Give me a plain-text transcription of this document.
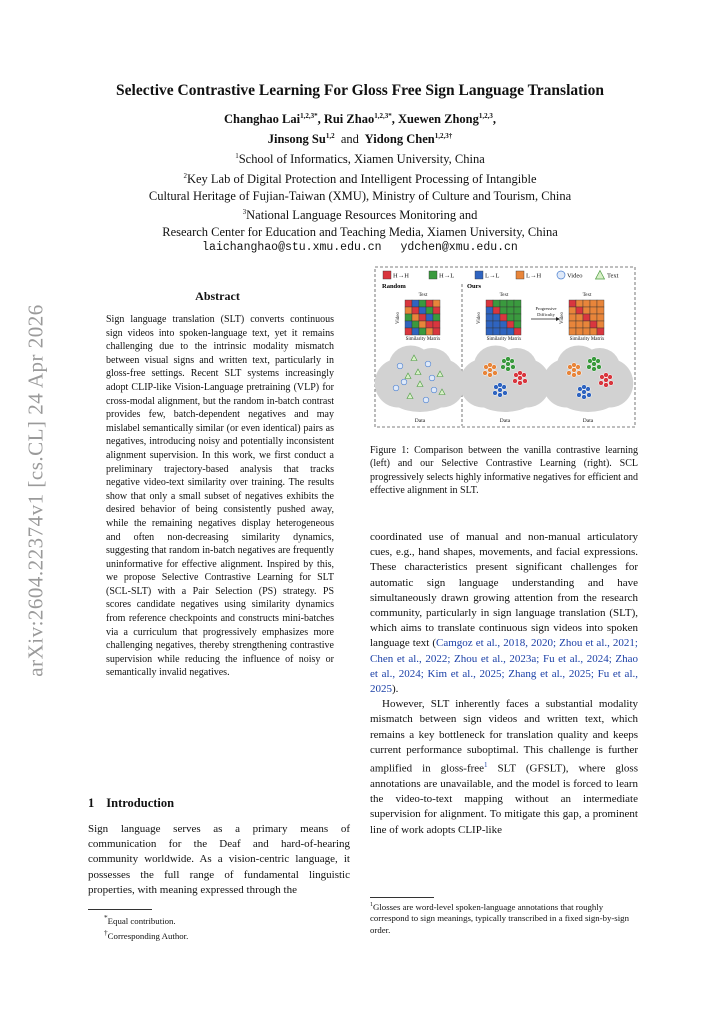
arXiv:2604.22374v1 [cs.CL] 24 Apr 2026
Selective Contrastive Learning For Gloss Free Sign Language Translation
Changhao Lai$^{1,2,3*}$, Rui Zhao$^{1,2,3*}$, Xuewen Zhong$^{1,2,3}$,
Jinsong Su$^{1,2}$ and Yidong Chen$^{1,2,3\dagger}$
$^1$School of Informatics, Xiamen University, China
$^2$Key Lab of Digital Protection and Intelligent Processing of Intangible
Cultural Heritage of Fujian-Taiwan (XMU), Ministry of Culture and Tourism, China
$^3$National Language Resources Monitoring and
Research Center for Education and Teaching Media, Xiamen University, China
laichanghao@stu.xmu.edu.cn ydchen@xmu.edu.cn
Abstract
Sign language translation (SLT) converts continuous sign videos into spoken-language text, yet it remains challenging due to the intrinsic modality mismatch between visual signs and written text, particularly in gloss-free settings. Recent SLT systems increasingly adopt CLIP-like Vision-Language pretraining (VLP) for cross-modal alignment, but the random in-batch contrast provides few, batch-dependent negatives and may mislabel semantically similar (or even identical) pairs as negatives, introducing noisy and potentially inconsistent alignment supervision. In this work, we first conduct a preliminary trajectory-based analysis that tracks negative video-text similarity over training. The results show that only a small subset of negatives exhibits the desired behavior of being consistently pushed away, while the remaining negatives display heterogeneous and often non-decreasing similarity dynamics, suggesting that random in-batch negatives are frequently uninformative for effective alignment. Inspired by this, we propose Selective Contrastive Learning for SLT (SCL-SLT) with a Pair Selection (PS) strategy. PS scores candidate negatives using similarity dynamics from reference checkpoints and constructs mini-batches via a curriculum that progressively emphasizes more challenging negatives, thereby strengthening contrastive supervision while reducing the influence of noisy or semantically invalid negatives.
1 Introduction
Sign language serves as a primary means of communication for the Deaf and hard-of-hearing community worldwide. As a vision-centric language, it possesses the full range of fundamental linguistic properties, with meaning expressed through the
*Equal contribution.
†Corresponding Author.
H→H	H→L	L→L	L→H	Video	Text
Random	Ours
Text
Video
Similarity Matrix
Text
Video
Similarity Matrix
Text
Video
Similarity Matrix
Progressive
Difficulty
Data	Data	Data
Figure 1: Comparison between the vanilla contrastive learning (left) and our Selective Contrastive Learning (right). SCL progressively selects highly informative negatives for efficient and effective alignment in SLT.

coordinated use of manual and non-manual articulatory cues, e.g., hand shapes, movements, and facial expressions. These characteristics present significant challenges for automatic sign language understanding and have simultaneously drawn growing attention from the research community, particularly in sign language translation (SLT), which aims to translate continuous sign videos into spoken language text (Camgoz et al., 2018, 2020; Zhou et al., 2021; Chen et al., 2022; Zhou et al., 2023a; Fu et al., 2024; Zhao et al., 2024; Kim et al., 2025; Zhang et al., 2025; Fu et al., 2025).

However, SLT inherently faces a substantial modality mismatch between sign videos and written text, which remains a key bottleneck for translation quality and keeps current performance suboptimal. This challenge is further amplified in gloss-free$^1$ SLT (GFSLT), where gloss annotations are unavailable, and the model is forced to learn the video-to-text mapping without an intermediate supervision for alignment. To mitigate this gap, a prominent line of work adopts CLIP-like

$^1$Glosses are word-level spoken-language annotations that roughly correspond to sign meanings, typically transcribed in a fixed sign-by-sign order.
